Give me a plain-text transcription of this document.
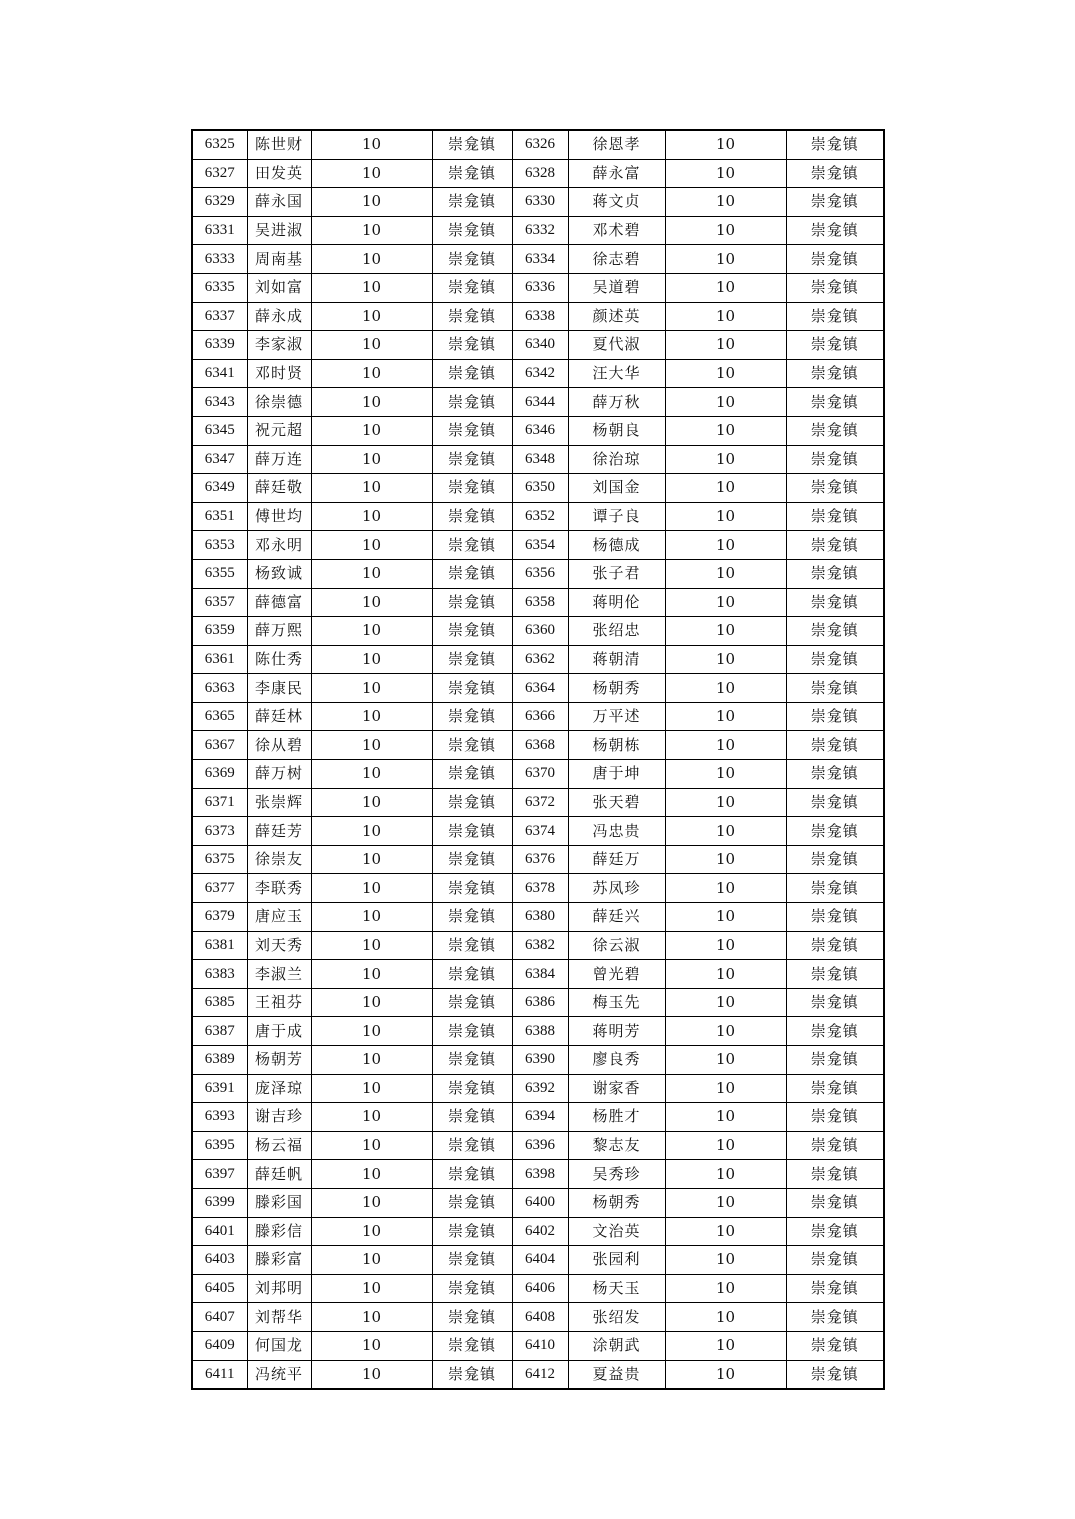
6325	陈世财	10	崇龛镇	6326	徐恩孝	10	崇龛镇
6327	田发英	10	崇龛镇	6328	薛永富	10	崇龛镇
6329	薛永国	10	崇龛镇	6330	蒋文贞	10	崇龛镇
6331	吴进淑	10	崇龛镇	6332	邓术碧	10	崇龛镇
6333	周南基	10	崇龛镇	6334	徐志碧	10	崇龛镇
6335	刘如富	10	崇龛镇	6336	吴道碧	10	崇龛镇
6337	薛永成	10	崇龛镇	6338	颜述英	10	崇龛镇
6339	李家淑	10	崇龛镇	6340	夏代淑	10	崇龛镇
6341	邓时贤	10	崇龛镇	6342	汪大华	10	崇龛镇
6343	徐崇德	10	崇龛镇	6344	薛万秋	10	崇龛镇
6345	祝元超	10	崇龛镇	6346	杨朝良	10	崇龛镇
6347	薛万连	10	崇龛镇	6348	徐治琼	10	崇龛镇
6349	薛廷敬	10	崇龛镇	6350	刘国金	10	崇龛镇
6351	傅世均	10	崇龛镇	6352	谭子良	10	崇龛镇
6353	邓永明	10	崇龛镇	6354	杨德成	10	崇龛镇
6355	杨致诚	10	崇龛镇	6356	张子君	10	崇龛镇
6357	薛德富	10	崇龛镇	6358	蒋明伦	10	崇龛镇
6359	薛万熙	10	崇龛镇	6360	张绍忠	10	崇龛镇
6361	陈仕秀	10	崇龛镇	6362	蒋朝清	10	崇龛镇
6363	李康民	10	崇龛镇	6364	杨朝秀	10	崇龛镇
6365	薛廷林	10	崇龛镇	6366	万平述	10	崇龛镇
6367	徐从碧	10	崇龛镇	6368	杨朝栋	10	崇龛镇
6369	薛万树	10	崇龛镇	6370	唐于坤	10	崇龛镇
6371	张崇辉	10	崇龛镇	6372	张天碧	10	崇龛镇
6373	薛廷芳	10	崇龛镇	6374	冯忠贵	10	崇龛镇
6375	徐崇友	10	崇龛镇	6376	薛廷万	10	崇龛镇
6377	李联秀	10	崇龛镇	6378	苏凤珍	10	崇龛镇
6379	唐应玉	10	崇龛镇	6380	薛廷兴	10	崇龛镇
6381	刘天秀	10	崇龛镇	6382	徐云淑	10	崇龛镇
6383	李淑兰	10	崇龛镇	6384	曾光碧	10	崇龛镇
6385	王祖芬	10	崇龛镇	6386	梅玉先	10	崇龛镇
6387	唐于成	10	崇龛镇	6388	蒋明芳	10	崇龛镇
6389	杨朝芳	10	崇龛镇	6390	廖良秀	10	崇龛镇
6391	庞泽琼	10	崇龛镇	6392	谢家香	10	崇龛镇
6393	谢吉珍	10	崇龛镇	6394	杨胜才	10	崇龛镇
6395	杨云福	10	崇龛镇	6396	黎志友	10	崇龛镇
6397	薛廷帆	10	崇龛镇	6398	吴秀珍	10	崇龛镇
6399	滕彩国	10	崇龛镇	6400	杨朝秀	10	崇龛镇
6401	滕彩信	10	崇龛镇	6402	文治英	10	崇龛镇
6403	滕彩富	10	崇龛镇	6404	张园利	10	崇龛镇
6405	刘邦明	10	崇龛镇	6406	杨天玉	10	崇龛镇
6407	刘帮华	10	崇龛镇	6408	张绍发	10	崇龛镇
6409	何国龙	10	崇龛镇	6410	涂朝武	10	崇龛镇
6411	冯统平	10	崇龛镇	6412	夏益贵	10	崇龛镇
